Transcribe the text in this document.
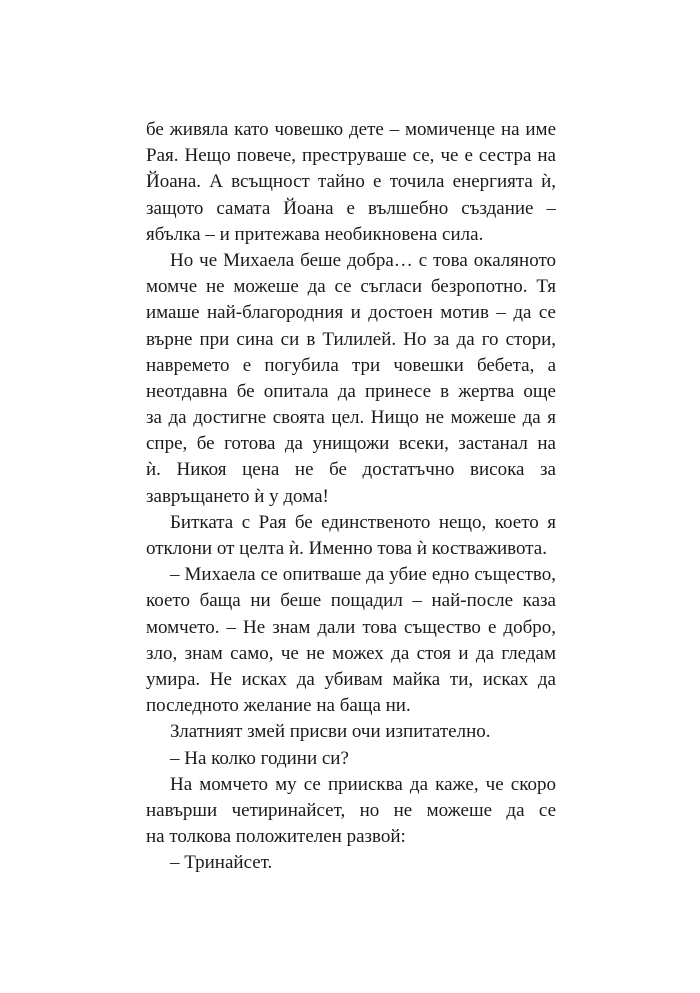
бе живяла като човешко дете – момиченце на име
Рая. Нещо повече, преструваше се, че е сестра на
Йоана. А всъщност тайно е точила енергията ѝ,
защото самата Йоана е вълшебно създание –
ябълка – и притежава необикновена сила.
Но че Михаела беше добра… с това окаляното
момче не можеше да се съгласи безропотно. Тя
имаше най-благородния и достоен мотив – да се
върне при сина си в Тилилей. Но за да го стори,
навремето е погубила три човешки бебета, а
неотдавна бе опитала да принесе в жертва още
за да достигне своята цел. Нищо не можеше да я
спре, бе готова да унищожи всеки, застанал на
ѝ. Никоя цена не бе достатъчно висока за
завръщането ѝ у дома!
Битката с Рая бе единственото нещо, което я
отклони от целта ѝ. Именно това ѝ костваживота.
– Михаела се опитваше да убие едно същество,
което баща ни беше пощадил – най-после каза
момчето. – Не знам дали това същество е добро,
зло, знам само, че не можех да стоя и да гледам
умира. Не исках да убивам майка ти, исках да
последното желание на баща ни.
Златният змей присви очи изпитателно.
– На колко години си?
На момчето му се приисква да каже, че скоро
навърши четиринайсет, но не можеше да се
на толкова положителен развой:
– Тринайсет.
